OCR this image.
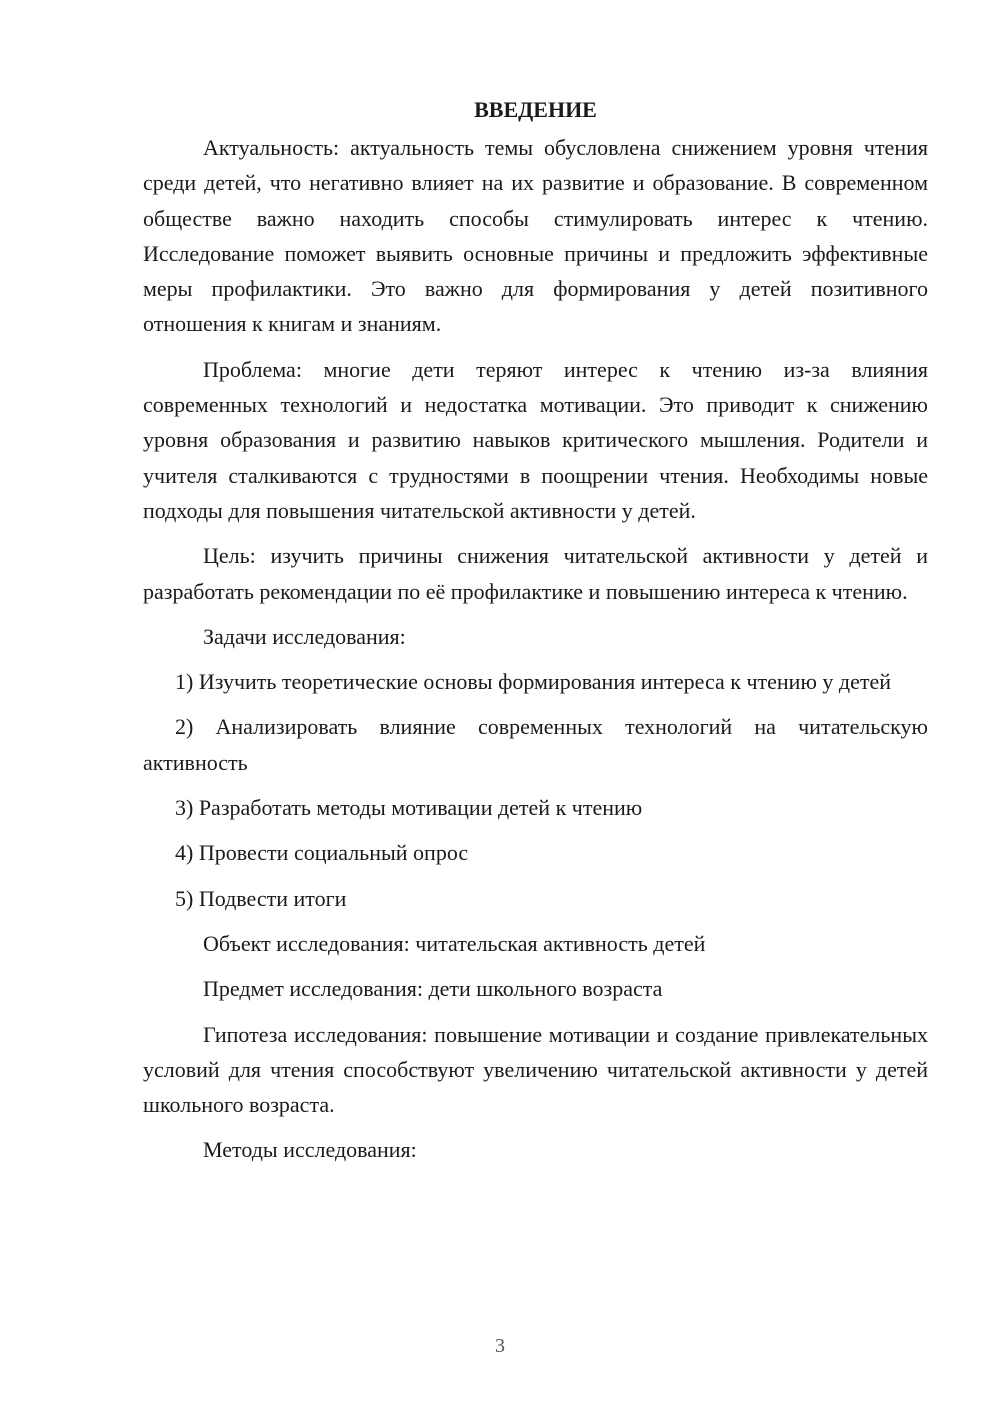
ВВЕДЕНИЕ

Актуальность: актуальность темы обусловлена снижением уровня чтения среди детей, что негативно влияет на их развитие и образование. В современном обществе важно находить способы стимулировать интерес к чтению. Исследование поможет выявить основные причины и предложить эффективные меры профилактики. Это важно для формирования у детей позитивного отношения к книгам и знаниям.

Проблема: многие дети теряют интерес к чтению из-за влияния современных технологий и недостатка мотивации. Это приводит к снижению уровня образования и развитию навыков критического мышления. Родители и учителя сталкиваются с трудностями в поощрении чтения. Необходимы новые подходы для повышения читательской активности у детей.

Цель: изучить причины снижения читательской активности у детей и разработать рекомендации по её профилактике и повышению интереса к чтению.

Задачи исследования:

1) Изучить теоретические основы формирования интереса к чтению у детей

2) Анализировать влияние современных технологий на читательскую активность

3) Разработать методы мотивации детей к чтению

4) Провести социальный опрос

5) Подвести итоги

Объект исследования: читательская активность детей

Предмет исследования: дети школьного возраста

Гипотеза исследования: повышение мотивации и создание привлекательных условий для чтения способствуют увеличению читательской активности у детей школьного возраста.

Методы исследования:

3
